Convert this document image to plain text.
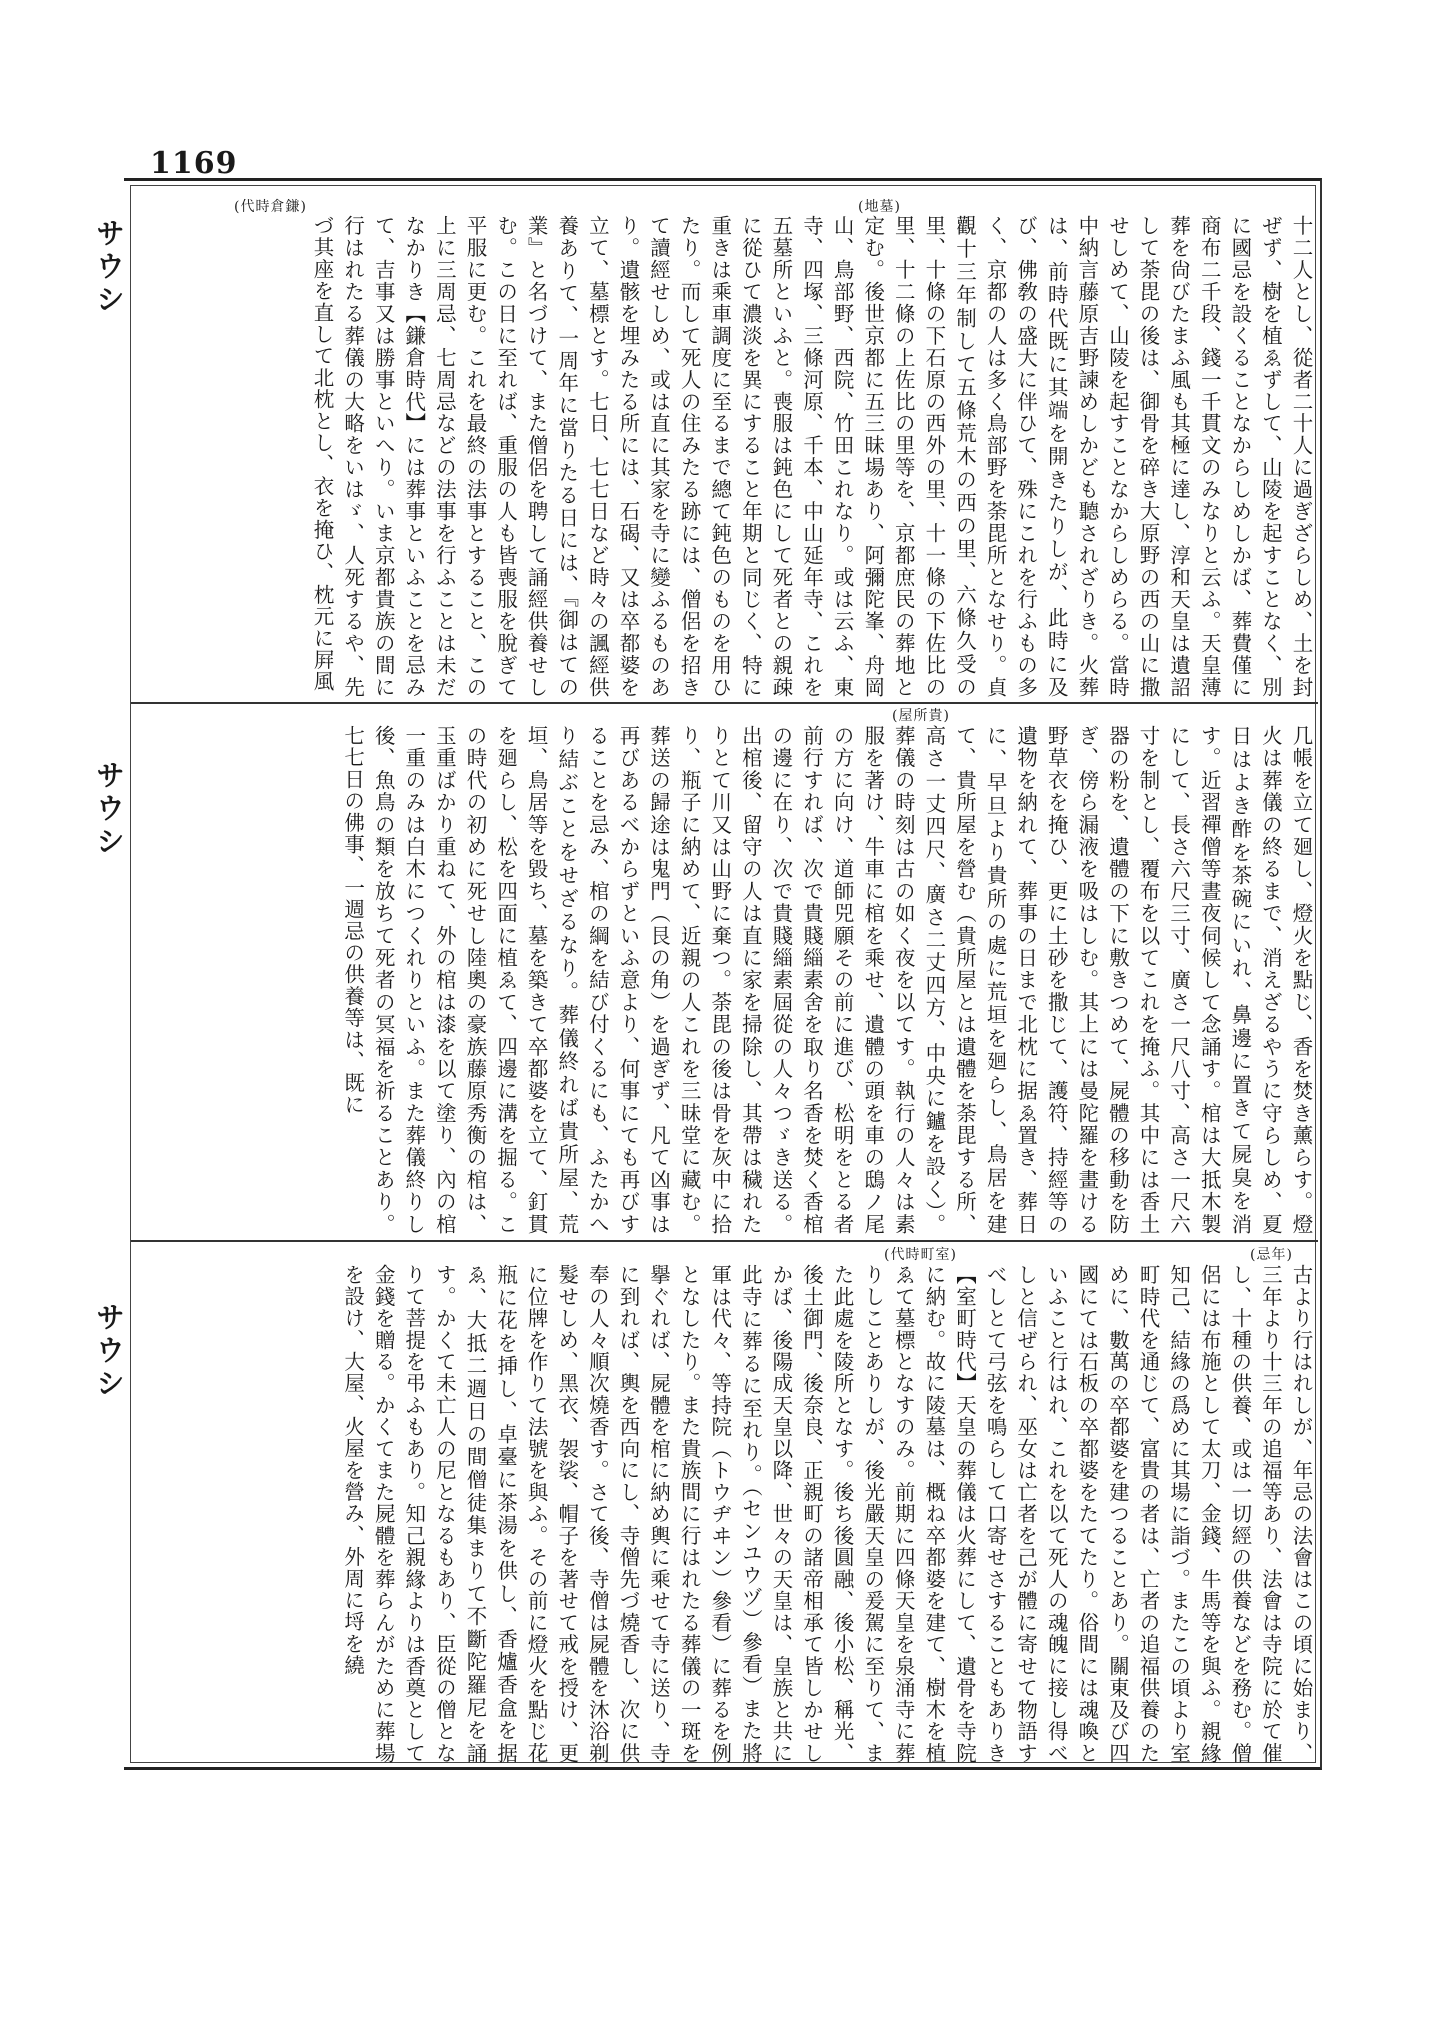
1169
サウシ
サウシ
サウシ
( 代時倉鎌 )
(	地墓 )
十二人とし、從者二十人に過ぎざらしめ、土を封ぜず、樹を植ゑずして、山陵を起すことなく、別に國忌を設くることなからしめしかば、葬費僅に商布二千段、錢一千貫文のみなりと云ふ。天皇薄葬を尙びたまふ風も其極に達し、淳和天皇は遺詔して荼毘の後は、御骨を碎き大原野の西の山に撒せしめて、山陵を起すことなからしめらる。當時中納言藤原吉野諫めしかども聽されざりき。火葬は、前時代既に其端を開きたりしが、此時に及び、佛敎の盛大に伴ひて、殊にこれを行ふもの多く、京都の人は多く鳥部野を荼毘所となせり。貞觀十三年制して五條荒木の西の里、六條久受の里、十條の下石原の西外の里、十一條の下佐比の里、十二條の上佐比の里等を、京都庶民の葬地と定む。後世京都に五三昧場あり、阿彌陀峯、舟岡山、鳥部野、西院、竹田これなり。或は云ふ、東寺、四塚、三條河原、千本、中山延年寺、これを五墓所といふと。喪服は鈍色にして死者との親疎に從ひて濃淡を異にすること年期と同じく、特に重きは乘車調度に至るまで總て鈍色のものを用ひたり。而して死人の住みたる跡には、僧侶を招きて讀經せしめ、或は直に其家を寺に變ふるものあり。遺骸を埋みたる所には、石碣、又は卒都婆を立て、墓標とす。七日、七七日など時々の諷經供養ありて、一周年に當りたる日には、『御はての業』と名づけて、また僧侶を聘して誦經供養せしむ。この日に至れば、重服の人も皆喪服を脫ぎて平服に更む。これを最終の法事とすること、この上に三周忌、七周忌などの法事を行ふことは未だなかりき【鎌倉時代】には葬事といふことを忌みて、吉事又は勝事といへり。いま京都貴族の間に行はれたる葬儀の大略をいはゞ、人死するや、先づ其座を直して北枕とし、衣を掩ひ、枕元に屛風
( 屋所貴 )
几帳を立て廻し、燈火を點じ、香を焚き薰らす。燈火は葬儀の終るまで、消えざるやうに守らしめ、夏日はよき酢を茶碗にいれ、鼻邊に置きて屍臭を消す。近習禪僧等晝夜伺候して念誦す。棺は大抵木製にして、長さ六尺三寸、廣さ一尺八寸、高さ一尺六寸を制とし、覆布を以てこれを掩ふ。其中には香土器の粉を、遺體の下に敷きつめて、屍體の移動を防ぎ、傍ら漏液を吸はしむ。其上には曼陀羅を畫ける野草衣を掩ひ、更に土砂を撒じて、護符、持經等の遺物を納れて、葬事の日まで北枕に据ゑ置き、葬日に、早旦より貴所の處に荒垣を廻らし、鳥居を建て、貴所屋を營む（貴所屋とは遺體を荼毘する所、高さ一丈四尺、廣さ二丈四方、中央に鑪を設く）。葬儀の時刻は古の如く夜を以てす。執行の人々は素服を著け、牛車に棺を乘せ、遺體の頭を車の鴟ノ尾の方に向け、道師兕願その前に進び、松明をとる者前行すれば、次で貴賤緇素舍を取り名香を焚く香棺の邊に在り、次で貴賤緇素屆從の人々つゞき送る。出棺後、留守の人は直に家を掃除し、其帶は穢れたりとて川又は山野に棄つ。荼毘の後は骨を灰中に拾り、瓶子に納めて、近親の人これを三昧堂に藏む。葬送の歸途は鬼門（艮の角）を過ぎず、凡て凶事は再びあるべからずといふ意より、何事にても再びすることを忌み、棺の綱を結び付くるにも、ふたかへり結ぶことをせざるなり。葬儀終れば貴所屋、荒垣、鳥居等を毀ち、墓を築きて卒都婆を立て、釘貫を廻らし、松を四面に植ゑて、四邊に溝を掘る。この時代の初めに死せし陸奧の豪族藤原秀衡の棺は、玉重ばかり重ねて、外の棺は漆を以て塗り、內の棺一重のみは白木につくれりといふ。また葬儀終りし後、魚鳥の類を放ちて死者の冥福を祈ることあり。七七日の佛事、一週忌の供養等は、既に
( 忌年 )
( 代時町室 )
古より行はれしが、年忌の法會はこの頃に始まり、三年より十三年の追福等あり、法會は寺院に於て催し、十種の供養、或は一切經の供養などを務む。僧侶には布施として太刀、金錢、牛馬等を與ふ。親緣知己、結緣の爲めに其場に詣づ。またこの頃より室町時代を通じて、富貴の者は、亡者の追福供養のために、數萬の卒都婆を建つることあり。關東及び四國にては石板の卒都婆をたてたり。俗間には魂喚といふこと行はれ、これを以て死人の魂魄に接し得べしと信ぜられ、巫女は亡者を己が體に寄せて物語すべしとて弓弦を鳴らして口寄せさすることもありき【室町時代】天皇の葬儀は火葬にして、遺骨を寺院に納む。故に陵墓は、概ね卒都婆を建て、樹木を植ゑて墓標となすのみ。前期に四條天皇を泉涌寺に葬りしことありしが、後光嚴天皇の爰駕に至りて、また此處を陵所となす。後ち後圓融、後小松、稱光、後土御門、後奈良、正親町の諸帝相承て皆しかせしかば、後陽成天皇以降、世々の天皇は、皇族と共に此寺に葬るに至れり。（センユウヅ）參看）また將軍は代々、等持院（トウヂヰン）參看）に葬るを例となしたり。また貴族間に行はれたる葬儀の一斑を擧ぐれば、屍體を棺に納め輿に乘せて寺に送り、寺に到れば、輿を西向にし、寺僧先づ燒香し、次に供奉の人々順次燒香す。さて後、寺僧は屍體を沐浴剃髮せしめ、黑衣、袈裟、帽子を著せて戒を授け、更に位牌を作りて法號を與ふ。その前に燈火を點じ花瓶に花を挿し、卓臺に茶湯を供し、香爐香盒を据ゑ、大抵二週日の間僧徒集まりて不斷陀羅尼を誦す。かくて未亡人の尼となるもあり、臣從の僧となりて菩提を弔ふもあり。知己親緣よりは香奠として金錢を贈る。かくてまた屍體を葬らんがために葬場を設け、大屋、火屋を營み、外周に埒を繞
